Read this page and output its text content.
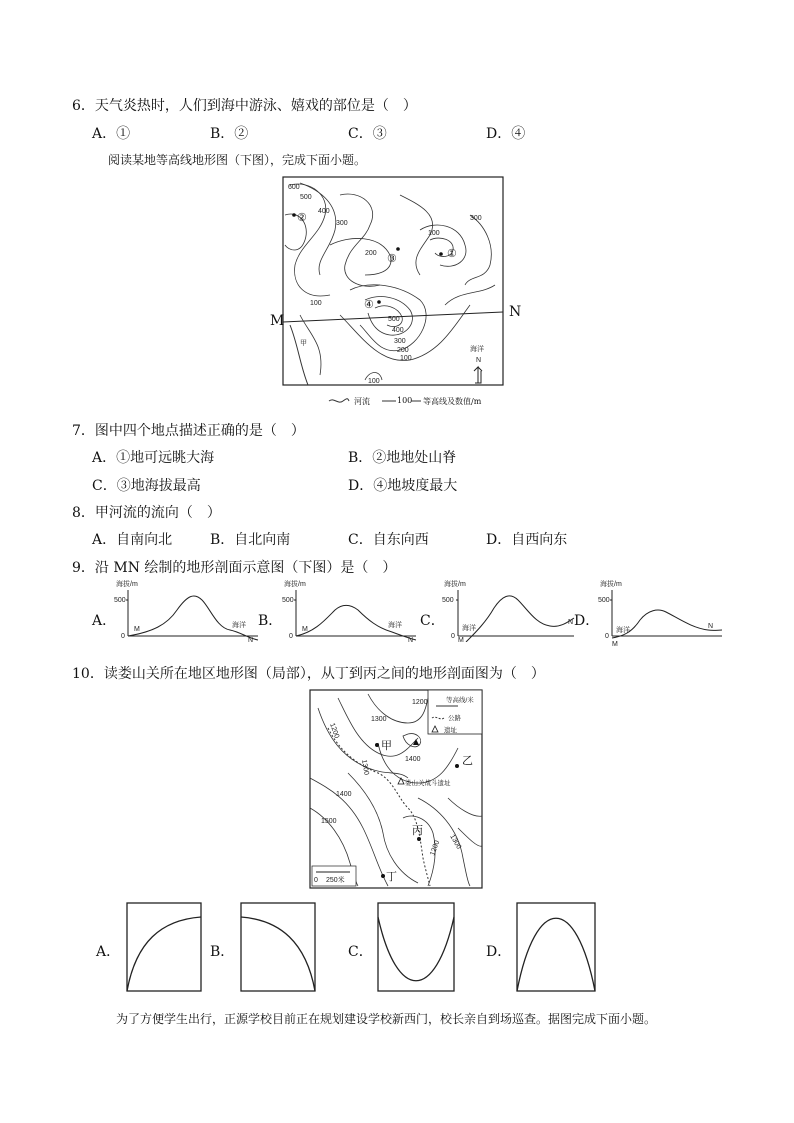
6．天气炎热时，人们到海中游泳、嬉戏的部位是（　）
A．①	B．②	C．③	D．④
阅读某地等高线地形图（下图），完成下面小题。
600
500
400
300
300
200
100
100
100
500
400
300
200
100
甲
海洋
N
②
③	①
④
M
N
河流	100 等高线及数值/m
7．图中四个地点描述正确的是（　）
A．①地可远眺大海	B．②地地处山脊
C．③地海拔最高	D．④地坡度最大
8．甲河流的流向（　）
A．自南向北	B．自北向南	C．自东向西	D．自西向东
9．沿 MN 绘制的地形剖面示意图（下图）是（　）
A．	B．	C．	D．
海拔/m
500
0
M
海洋
N
海拔/m
500
0
M
海洋
N
海拔/m
500
0
海洋
M
N
海拔/m
500
0
海洋
M
N
10．读娄山关所在地区地形图（局部），从丁到丙之间的地形剖面图为（　）
1200
1300
1200
1300	1400
1400
1500
1300
1200
娄山关战斗遗址
等高线/米
公路
遗址
0 250米
甲
乙
丙
丁
A．	B．	C．	D．
为了方便学生出行，正源学校目前正在规划建设学校新西门，校长亲自到场巡查。据图完成下面小题。
